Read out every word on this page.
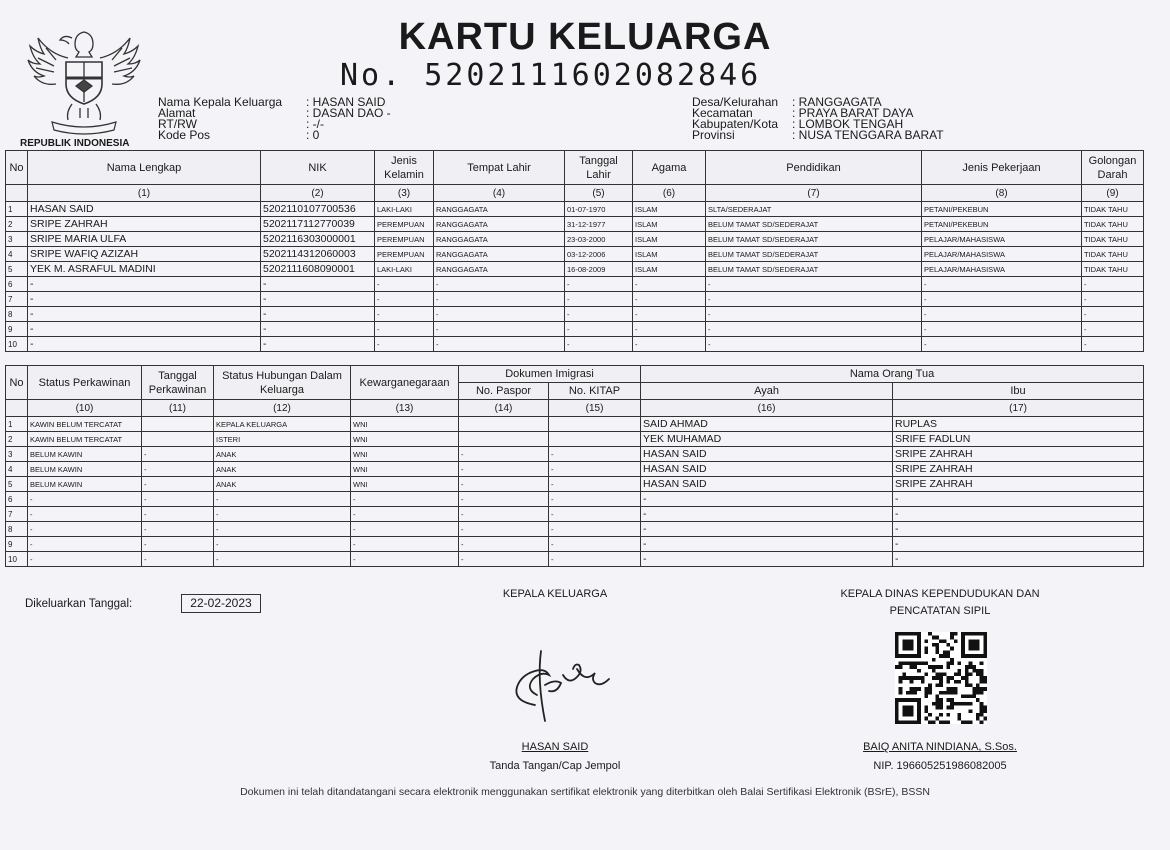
REPUBLIK INDONESIA
KARTU KELUARGA
No. 5202111602082846
Nama Kepala Keluarga	: HASAN SAID
Alamat	: DASAN DAO -
RT/RW	: -/-
Kode Pos	: 0
Desa/Kelurahan	: RANGGAGATA
Kecamatan	: PRAYA BARAT DAYA
Kabupaten/Kota	: LOMBOK TENGAH
Provinsi	: NUSA TENGGARA BARAT
No	Nama Lengkap	NIK	Jenis Kelamin	Tempat Lahir	Tanggal Lahir	Agama	Pendidikan	Jenis Pekerjaan	Golongan Darah
	(1)	(2)	(3)	(4)	(5)	(6)	(7)	(8)	(9)
1	HASAN SAID	5202110107700536	LAKI-LAKI	RANGGAGATA	01-07-1970	ISLAM	SLTA/SEDERAJAT	PETANI/PEKEBUN	TIDAK TAHU
2	SRIPE ZAHRAH	5202117112770039	PEREMPUAN	RANGGAGATA	31-12-1977	ISLAM	BELUM TAMAT SD/SEDERAJAT	PETANI/PEKEBUN	TIDAK TAHU
3	SRIPE MARIA ULFA	5202116303000001	PEREMPUAN	RANGGAGATA	23-03-2000	ISLAM	BELUM TAMAT SD/SEDERAJAT	PELAJAR/MAHASISWA	TIDAK TAHU
4	SRIPE WAFIQ AZIZAH	5202114312060003	PEREMPUAN	RANGGAGATA	03-12-2006	ISLAM	BELUM TAMAT SD/SEDERAJAT	PELAJAR/MAHASISWA	TIDAK TAHU
5	YEK M. ASRAFUL MADINI	5202111608090001	LAKI-LAKI	RANGGAGATA	16-08-2009	ISLAM	BELUM TAMAT SD/SEDERAJAT	PELAJAR/MAHASISWA	TIDAK TAHU
6	-	-	-	-	-	-	-	-	-
7	-	-	-	-	-	-	-	-	-
8	-	-	-	-	-	-	-	-	-
9	-	-	-	-	-	-	-	-	-
10	-	-	-	-	-	-	-	-	-
No	Status Perkawinan	Tanggal Perkawinan	Status Hubungan Dalam Keluarga	Kewarganegaraan	Dokumen Imigrasi		Nama Orang Tua	
					No. Paspor	No. KITAP	Ayah	Ibu
	(10)	(11)	(12)	(13)	(14)	(15)	(16)	(17)
1	KAWIN BELUM TERCATAT		KEPALA KELUARGA	WNI			SAID AHMAD	RUPLAS
2	KAWIN BELUM TERCATAT		ISTERI	WNI			YEK MUHAMAD	SRIFE FADLUN
3	BELUM KAWIN	-	ANAK	WNI	-	-	HASAN SAID	SRIPE ZAHRAH
4	BELUM KAWIN	-	ANAK	WNI	-	-	HASAN SAID	SRIPE ZAHRAH
5	BELUM KAWIN	-	ANAK	WNI	-	-	HASAN SAID	SRIPE ZAHRAH
6	-	-	-	-	-	-	-	-
7	-	-	-	-	-	-	-	-
8	-	-	-	-	-	-	-	-
9	-	-	-	-	-	-	-	-
10	-	-	-	-	-	-	-	-
Dikeluarkan Tanggal:	22-02-2023
KEPALA KELUARGA
HASAN SAID
Tanda Tangan/Cap Jempol
KEPALA DINAS KEPENDUDUKAN DAN
PENCATATAN SIPIL
BAIQ ANITA NINDIANA, S.Sos.
NIP. 196605251986082005
Dokumen ini telah ditandatangani secara elektronik menggunakan sertifikat elektronik yang diterbitkan oleh Balai Sertifikasi Elektronik (BSrE), BSSN
